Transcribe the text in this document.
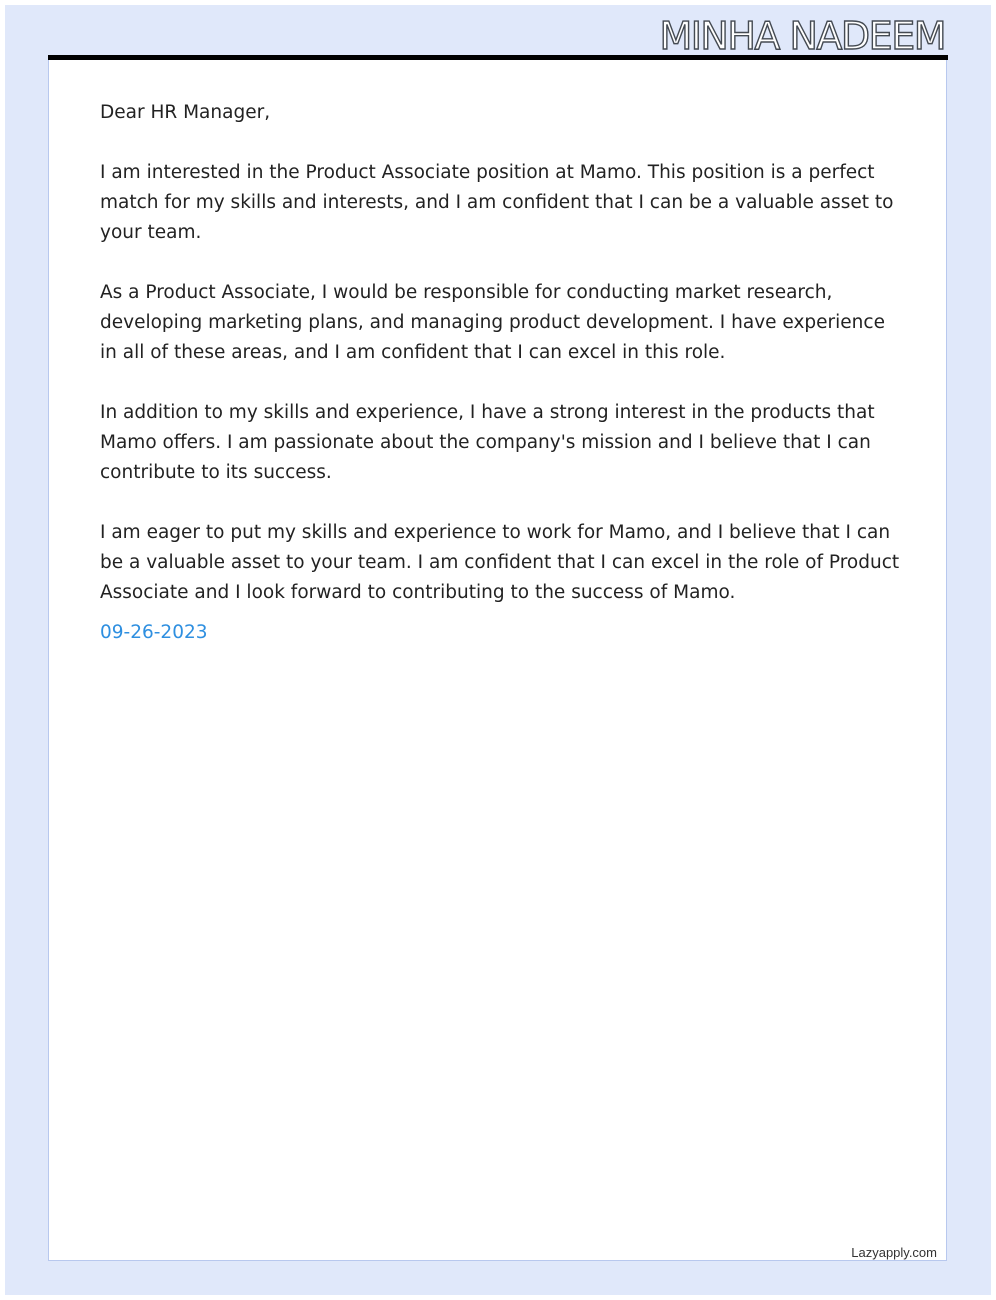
MINHA NADEEM

Dear HR Manager,

I am interested in the Product Associate position at Mamo. This position is a perfect match for my skills and interests, and I am confident that I can be a valuable asset to your team.

As a Product Associate, I would be responsible for conducting market research, developing marketing plans, and managing product development. I have experience in all of these areas, and I am confident that I can excel in this role.

In addition to my skills and experience, I have a strong interest in the products that Mamo offers. I am passionate about the company's mission and I believe that I can contribute to its success.

I am eager to put my skills and experience to work for Mamo, and I believe that I can be a valuable asset to your team. I am confident that I can excel in the role of Product Associate and I look forward to contributing to the success of Mamo.

09-26-2023

Lazyapply.com
